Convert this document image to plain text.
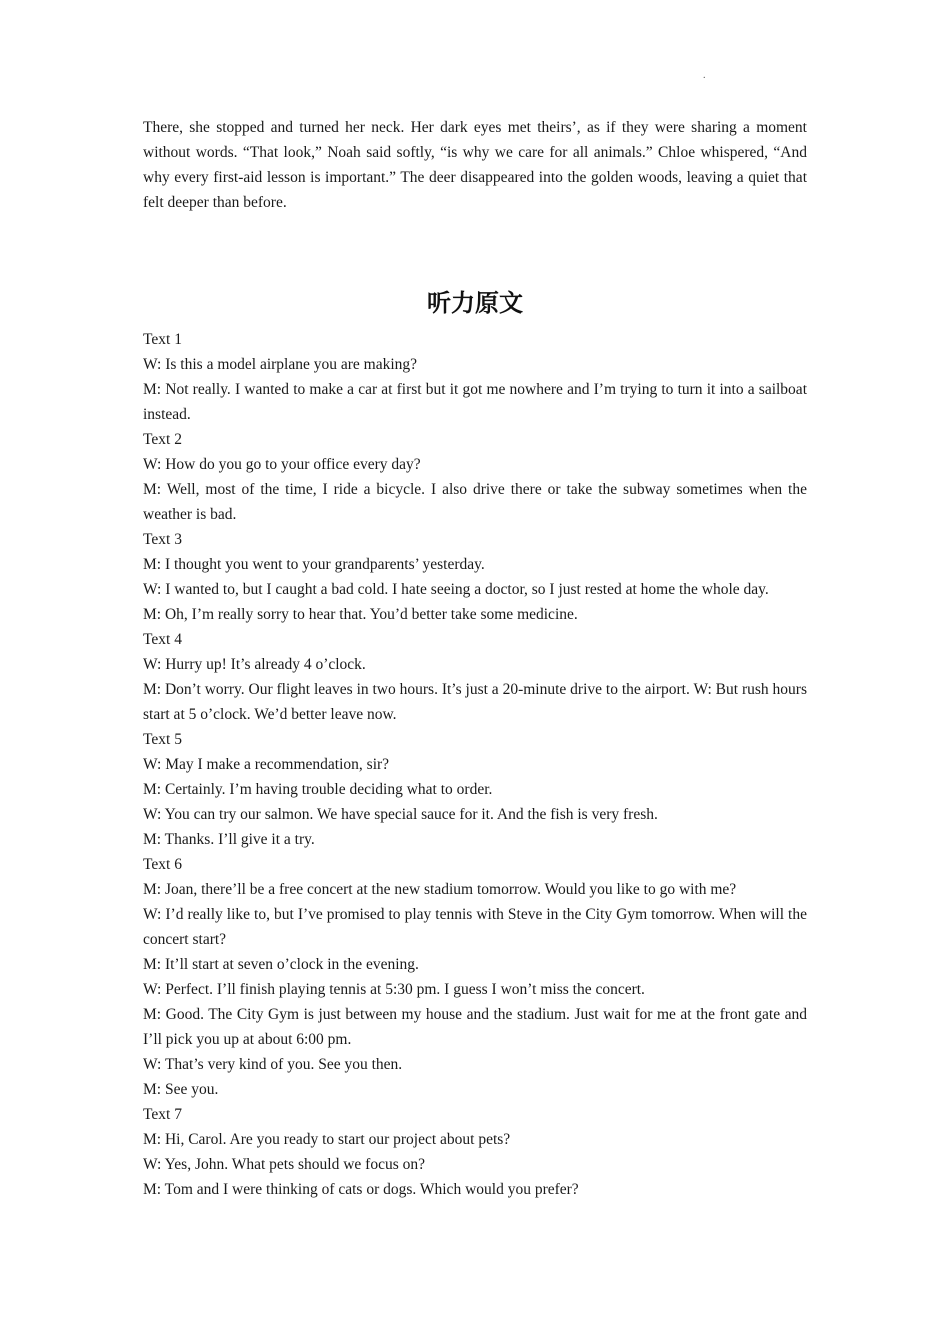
.

There, she stopped and turned her neck. Her dark eyes met theirs’, as if they were sharing a moment without words. “That look,” Noah said softly, “is why we care for all animals.” Chloe whispered, “And why every first-aid lesson is important.” The deer disappeared into the golden woods, leaving a quiet that felt deeper than before.

听力原文

Text 1

W: Is this a model airplane you are making?

M: Not really. I wanted to make a car at first but it got me nowhere and I’m trying to turn it into a sailboat instead.

Text 2

W: How do you go to your office every day?

M: Well, most of the time, I ride a bicycle. I also drive there or take the subway sometimes when the weather is bad.

Text 3

M: I thought you went to your grandparents’ yesterday.

W: I wanted to, but I caught a bad cold. I hate seeing a doctor, so I just rested at home the whole day.

M: Oh, I’m really sorry to hear that. You’d better take some medicine.

Text 4

W: Hurry up! It’s already 4 o’clock.

M: Don’t worry. Our flight leaves in two hours. It’s just a 20-minute drive to the airport. W: But rush hours start at 5 o’clock. We’d better leave now.

Text 5

W: May I make a recommendation, sir?

M: Certainly. I’m having trouble deciding what to order.

W: You can try our salmon. We have special sauce for it. And the fish is very fresh.

M: Thanks. I’ll give it a try.

Text 6

M: Joan, there’ll be a free concert at the new stadium tomorrow. Would you like to go with me?

W: I’d really like to, but I’ve promised to play tennis with Steve in the City Gym tomorrow. When will the concert start?

M: It’ll start at seven o’clock in the evening.

W: Perfect. I’ll finish playing tennis at 5:30 pm. I guess I won’t miss the concert.

M: Good. The City Gym is just between my house and the stadium. Just wait for me at the front gate and I’ll pick you up at about 6:00 pm.

W: That’s very kind of you. See you then.

M: See you.

Text 7

M: Hi, Carol. Are you ready to start our project about pets?

W: Yes, John. What pets should we focus on?

M: Tom and I were thinking of cats or dogs. Which would you prefer?
